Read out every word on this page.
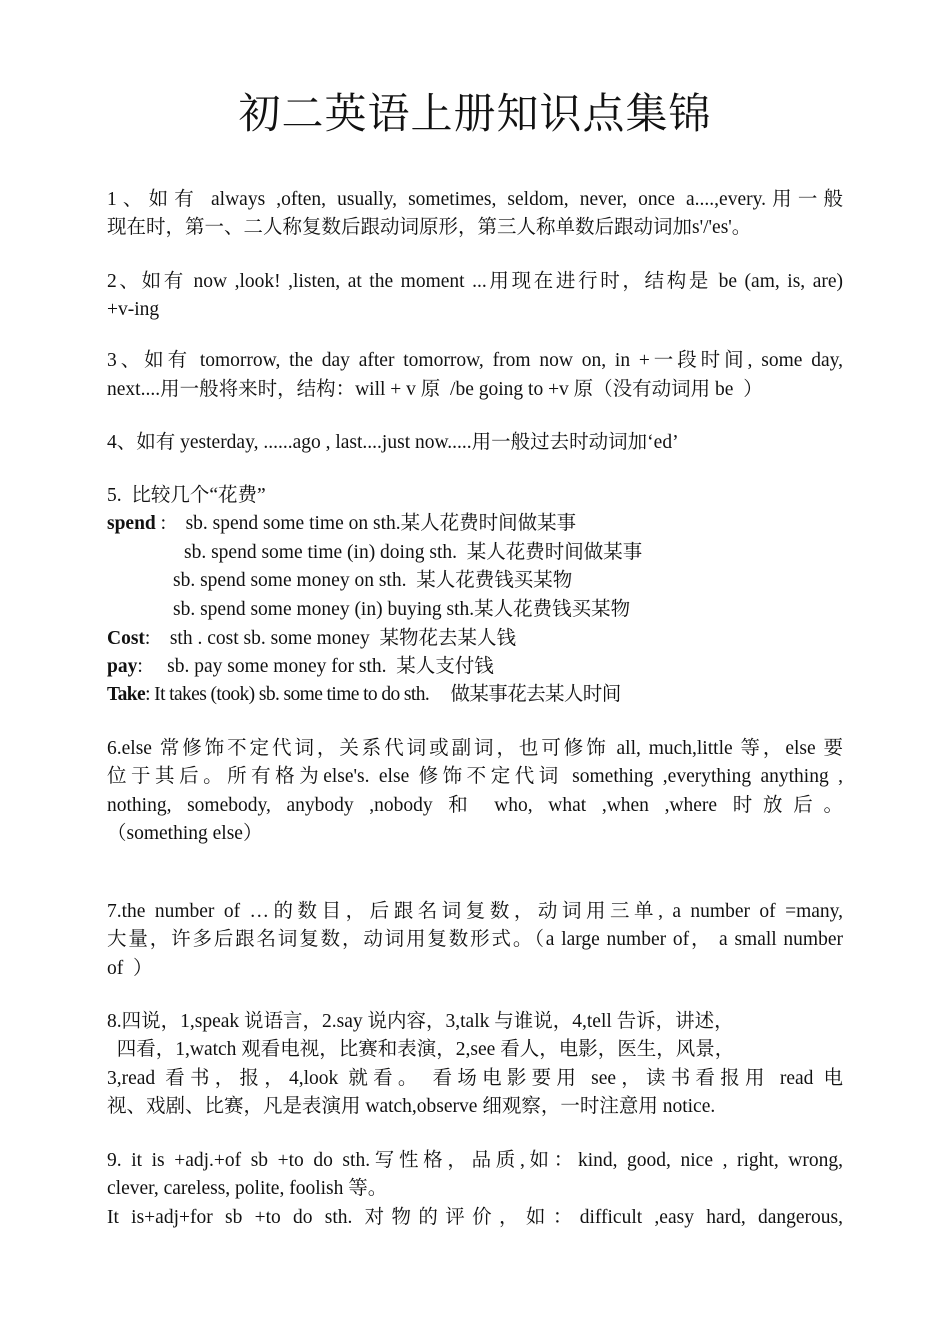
初二英语上册知识点集锦
1、如有 always ,often, usually, sometimes, seldom, never, once a....,every.用一般
现在时，第一、二人称复数后跟动词原形，第三人称单数后跟动词加s'/'es'。
2、如有 now ,look! ,listen, at the moment ...用现在进行时，结构是 be (am, is, are)
+v-ing
3、如有 tomorrow, the day after tomorrow, from now on, in +一段时间, some day,
next....用一般将来时，结构：will + v 原  /be going to +v 原（没有动词用 be  ）
4、如有 yesterday, ......ago , last....just now.....用一般过去时动词加‘ed’
5.  比较几个“花费”
spend :    sb. spend some time on sth.某人花费时间做某事
sb. spend some time (in) doing sth.  某人花费时间做某事
sb. spend some money on sth.  某人花费钱买某物
sb. spend some money (in) buying sth.某人花费钱买某物
Cost:    sth . cost sb. some money  某物花去某人钱
pay:     sb. pay some money for sth.  某人支付钱
Take: It takes (took) sb. some time to do sth.     做某事花去某人时间
6.else 常修饰不定代词，关系代词或副词，也可修饰 all, much,little 等，else 要
位于其后。所有格为else's. else 修饰不定代词 something ,everything anything ,
nothing, somebody, anybody ,nobody 和 who, what ,when ,where 时放后。
（something else）
7.the number of …的数目，后跟名词复数，动词用三单, a number of =many,
大量，许多后跟名词复数，动词用复数形式。（a large number of， a small number
of  ）
8.四说，1,speak 说语言，2.say 说内容，3,talk 与谁说，4,tell 告诉，讲述，
四看，1,watch 观看电视，比赛和表演，2,see 看人，电影，医生，风景，
3,read 看书，报，4,look 就看。 看场电影要用 see，读书看报用 read 电
视、戏剧、比赛，凡是表演用 watch,observe 细观察，一时注意用 notice.
9. it is +adj.+of sb +to do sth.写性格，品质,如：kind, good, nice , right, wrong,
clever, careless, polite, foolish 等。
It is+adj+for sb +to do sth. 对物的评价，如：difficult ,easy hard, dangerous,
